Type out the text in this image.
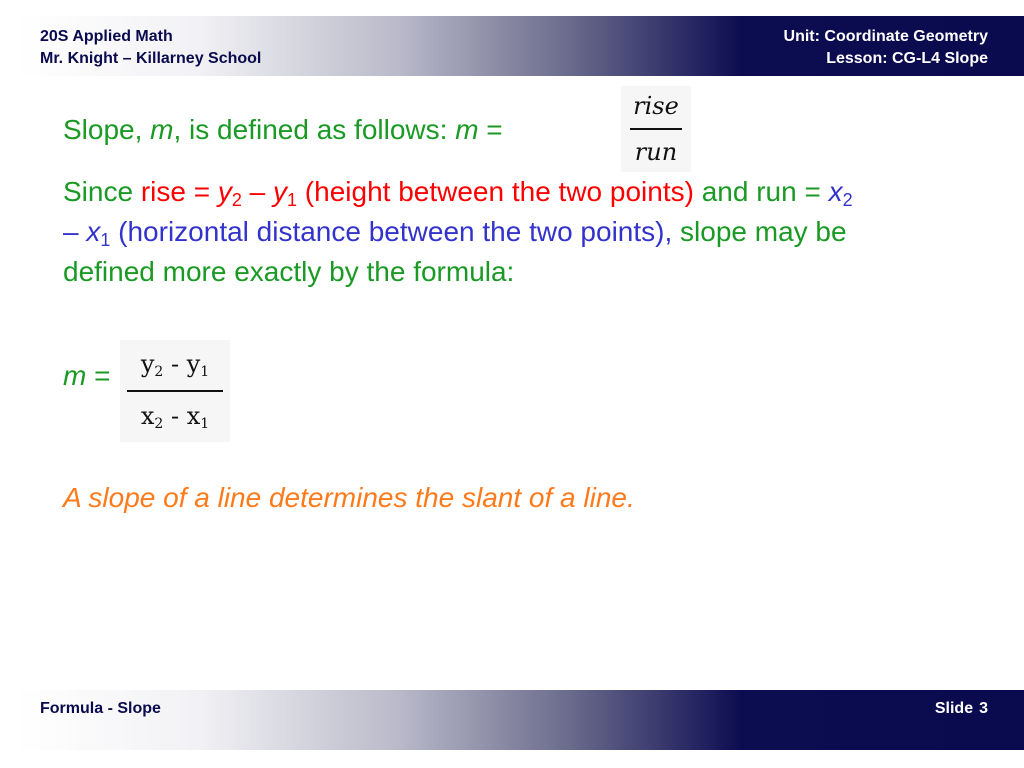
20S Applied Math
Mr. Knight – Killarney School
Unit: Coordinate Geometry
Lesson: CG-L4 Slope
Slope, m, is defined as follows: m =
rise
run
Since rise = $y_2 - y_1$ (height between the two points) and run = $x_2 - x_1$ (horizontal distance between the two points), slope may be defined more exactly by the formula:
m =	$y_2 - y_1$
$x_2 - x_1$
A slope of a line determines the slant of a line.
Formula - Slope	Slide 3
